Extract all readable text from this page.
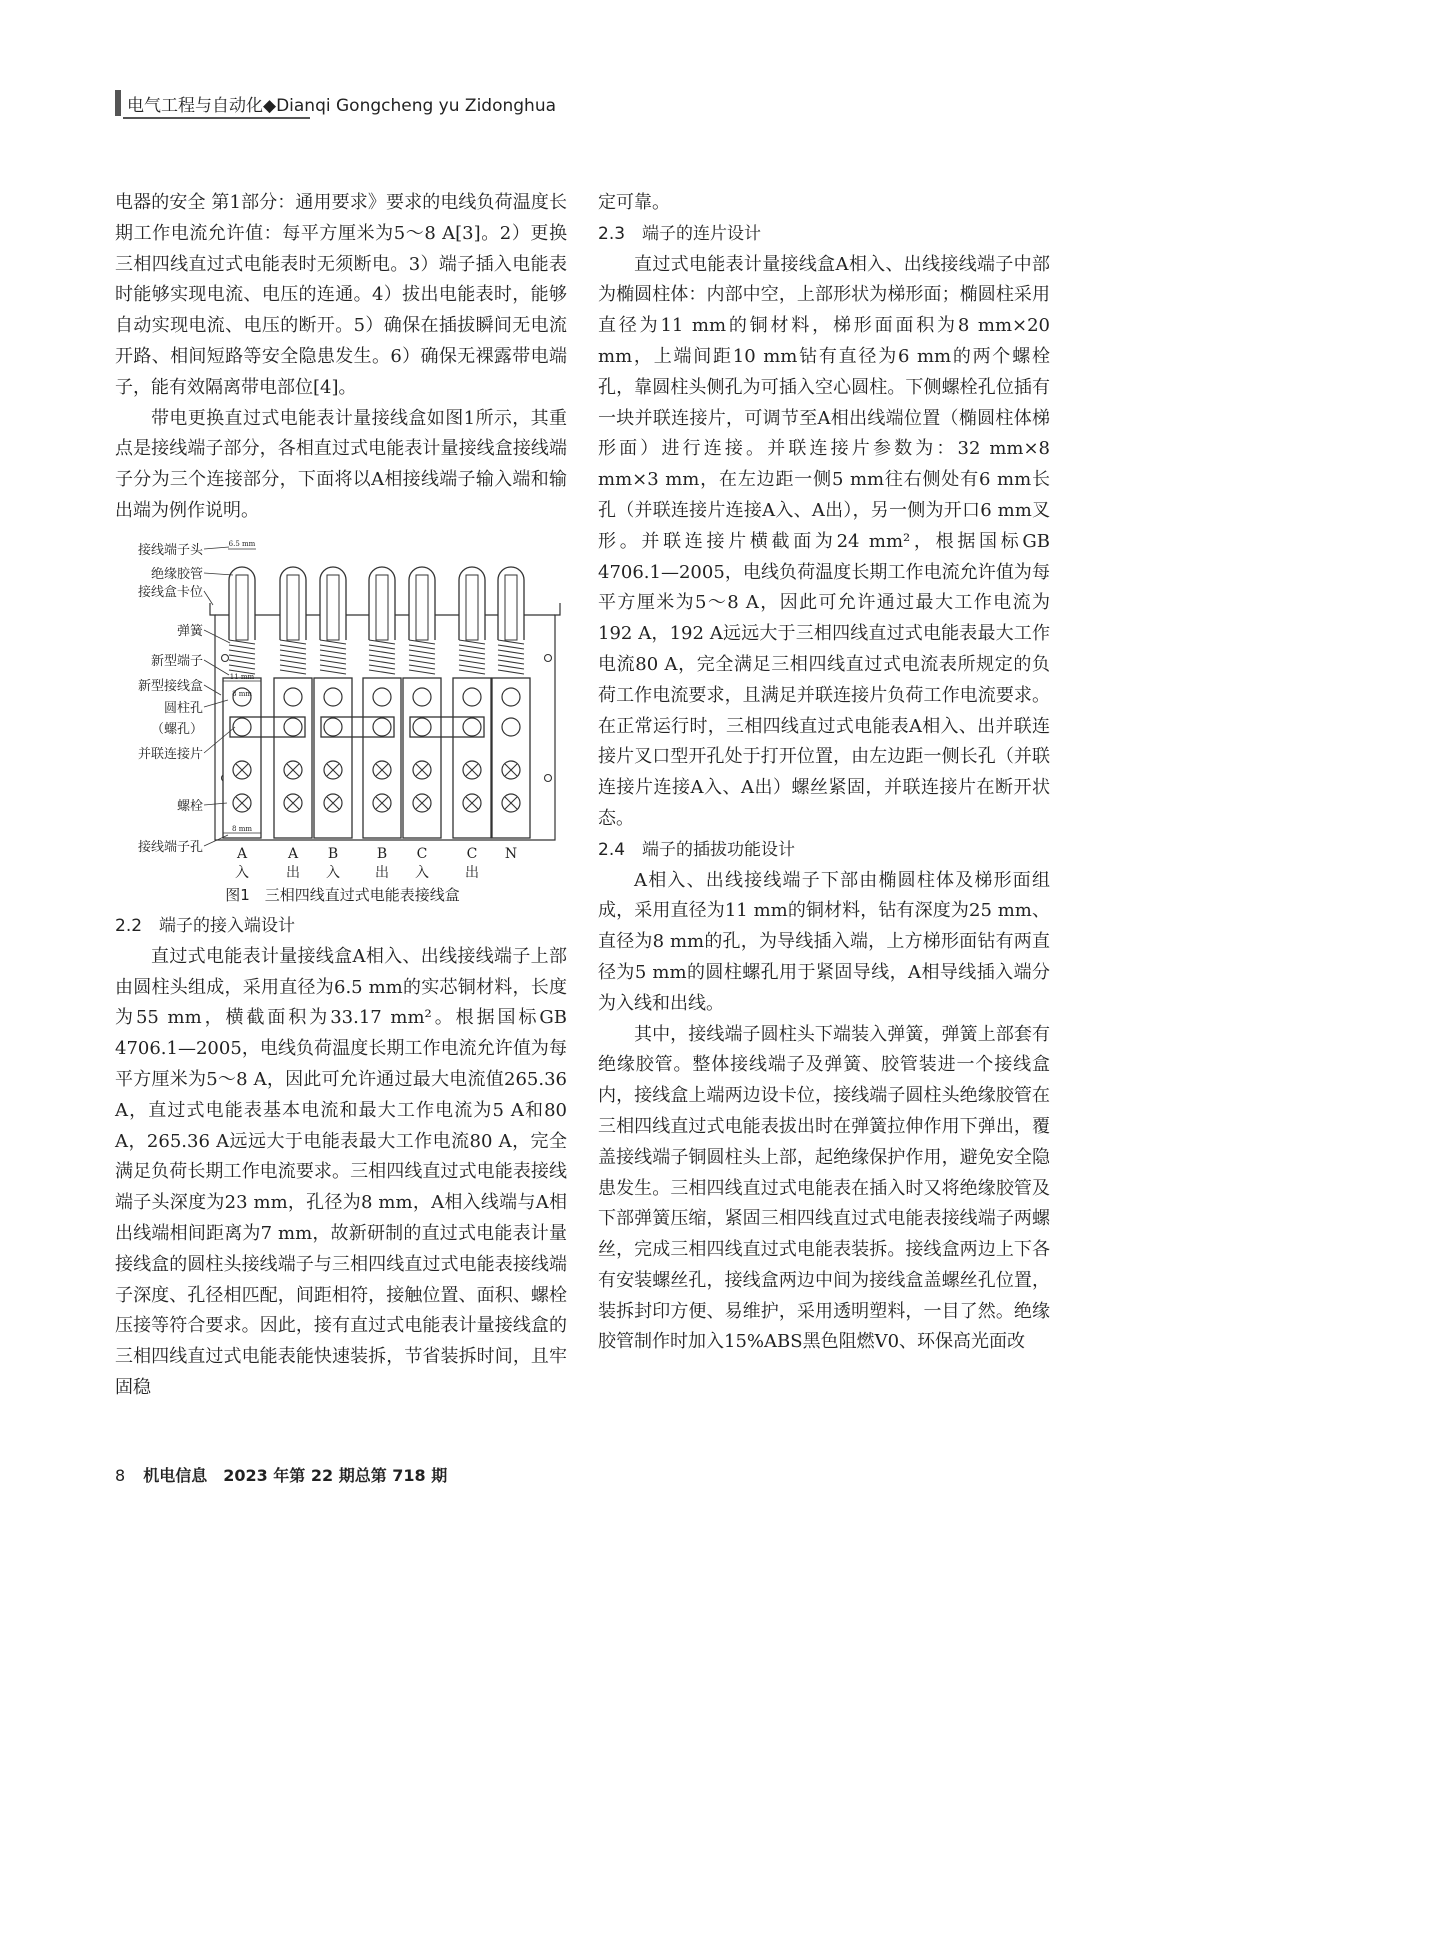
电气工程与自动化◆Dianqi Gongcheng yu Zidonghua

电器的安全 第1部分：通用要求》要求的电线负荷温度长期工作电流允许值：每平方厘米为5～8 A[3]。2）更换三相四线直过式电能表时无须断电。3）端子插入电能表时能够实现电流、电压的连通。4）拔出电能表时，能够自动实现电流、电压的断开。5）确保在插拔瞬间无电流开路、相间短路等安全隐患发生。6）确保无裸露带电端子，能有效隔离带电部位[4]。

带电更换直过式电能表计量接线盒如图1所示，其重点是接线端子部分，各相直过式电能表计量接线盒接线端子分为三个连接部分，下面将以A相接线端子输入端和输出端为例作说明。

A
入
A
出
B
入
B
出
C
入
C
出
N
6.5 mm
11 mm
8 mm
8 mm
接线端子头
绝缘胶管
接线盒卡位
弹簧
新型端子
新型接线盒
圆柱孔
（螺孔）
并联连接片
螺栓
接线端子孔
图1　三相四线直过式电能表接线盒
2.2　端子的接入端设计

直过式电能表计量接线盒A相入、出线接线端子上部由圆柱头组成，采用直径为6.5 mm的实芯铜材料，长度为55 mm，横截面积为33.17 mm²。根据国标GB 4706.1—2005，电线负荷温度长期工作电流允许值为每平方厘米为5～8 A，因此可允许通过最大电流值265.36 A，直过式电能表基本电流和最大工作电流为5 A和80 A，265.36 A远远大于电能表最大工作电流80 A，完全满足负荷长期工作电流要求。三相四线直过式电能表接线端子头深度为23 mm，孔径为8 mm，A相入线端与A相出线端相间距离为7 mm，故新研制的直过式电能表计量接线盒的圆柱头接线端子与三相四线直过式电能表接线端子深度、孔径相匹配，间距相符，接触位置、面积、螺栓压接等符合要求。因此，接有直过式电能表计量接线盒的三相四线直过式电能表能快速装拆，节省装拆时间，且牢固稳

定可靠。

2.3　端子的连片设计

直过式电能表计量接线盒A相入、出线接线端子中部为椭圆柱体：内部中空，上部形状为梯形面；椭圆柱采用直径为11 mm的铜材料，梯形面面积为8 mm×20 mm，上端间距10 mm钻有直径为6 mm的两个螺栓孔，靠圆柱头侧孔为可插入空心圆柱。下侧螺栓孔位插有一块并联连接片，可调节至A相出线端位置（椭圆柱体梯形面）进行连接。并联连接片参数为：32 mm×8 mm×3 mm，在左边距一侧5 mm往右侧处有6 mm长孔（并联连接片连接A入、A出），另一侧为开口6 mm叉形。并联连接片横截面为24 mm²，根据国标GB 4706.1—2005，电线负荷温度长期工作电流允许值为每平方厘米为5～8 A，因此可允许通过最大工作电流为192 A，192 A远远大于三相四线直过式电能表最大工作电流80 A，完全满足三相四线直过式电流表所规定的负荷工作电流要求，且满足并联连接片负荷工作电流要求。在正常运行时，三相四线直过式电能表A相入、出并联连接片叉口型开孔处于打开位置，由左边距一侧长孔（并联连接片连接A入、A出）螺丝紧固，并联连接片在断开状态。

2.4　端子的插拔功能设计

A相入、出线接线端子下部由椭圆柱体及梯形面组成，采用直径为11 mm的铜材料，钻有深度为25 mm、直径为8 mm的孔，为导线插入端，上方梯形面钻有两直径为5 mm的圆柱螺孔用于紧固导线，A相导线插入端分为入线和出线。

其中，接线端子圆柱头下端装入弹簧，弹簧上部套有绝缘胶管。整体接线端子及弹簧、胶管装进一个接线盒内，接线盒上端两边设卡位，接线端子圆柱头绝缘胶管在三相四线直过式电能表拔出时在弹簧拉伸作用下弹出，覆盖接线端子铜圆柱头上部，起绝缘保护作用，避免安全隐患发生。三相四线直过式电能表在插入时又将绝缘胶管及下部弹簧压缩，紧固三相四线直过式电能表接线端子两螺丝，完成三相四线直过式电能表装拆。接线盒两边上下各有安装螺丝孔，接线盒两边中间为接线盒盖螺丝孔位置，装拆封印方便、易维护，采用透明塑料，一目了然。绝缘胶管制作时加入15%ABS黑色阻燃V0、环保高光面改

8 机电信息　2023 年第 22 期总第 718 期
